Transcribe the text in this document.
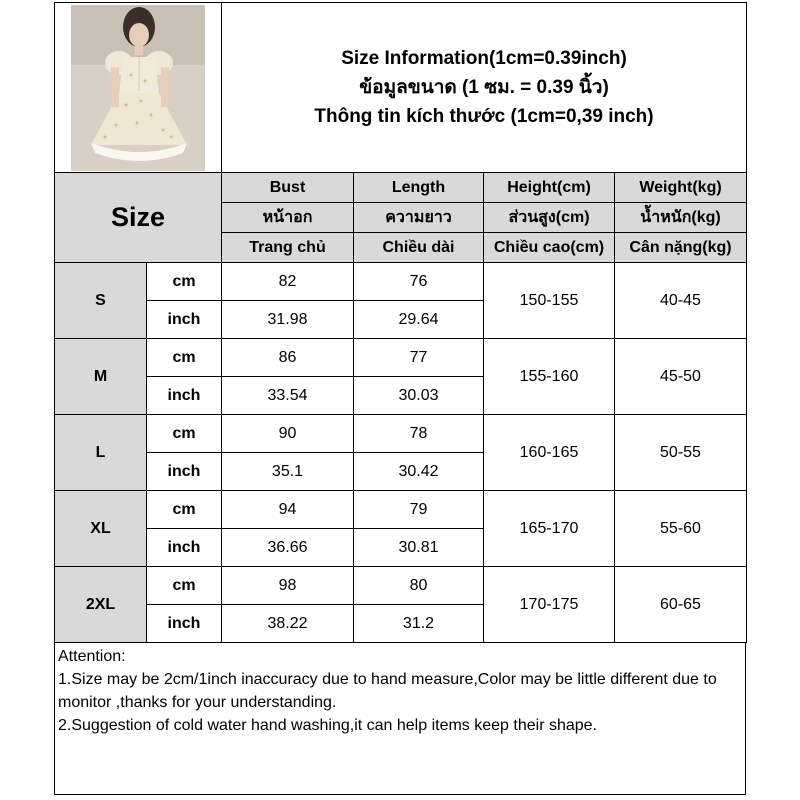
Size Information(1cm=0.39inch)
ข้อมูลขนาด (1 ซม. = 0.39 นิ้ว)
Thông tin kích thước (1cm=0,39 inch)			

Size		Bust	Length	Height(cm)	Weight(kg)
		หน้าอก	ความยาว	ส่วนสูง(cm)	น้ำหนัก(kg)
		Trang chủ	Chiều dài	Chiều cao(cm)	Cân nặng(kg)
S	cm	82	76	150-155	40-45
	inch	31.98	29.64		
M	cm	86	77	155-160	45-50
	inch	33.54	30.03		
L	cm	90	78	160-165	50-55
	inch	35.1	30.42		
XL	cm	94	79	165-170	55-60
	inch	36.66	30.81		
2XL	cm	98	80	170-175	60-65
	inch	38.22	31.2		
Attention:
1.Size may be 2cm/1inch inaccuracy due to hand measure,Color may be little different due to monitor ,thanks for your understanding.
2.Suggestion of cold water hand washing,it can help items keep their shape.
